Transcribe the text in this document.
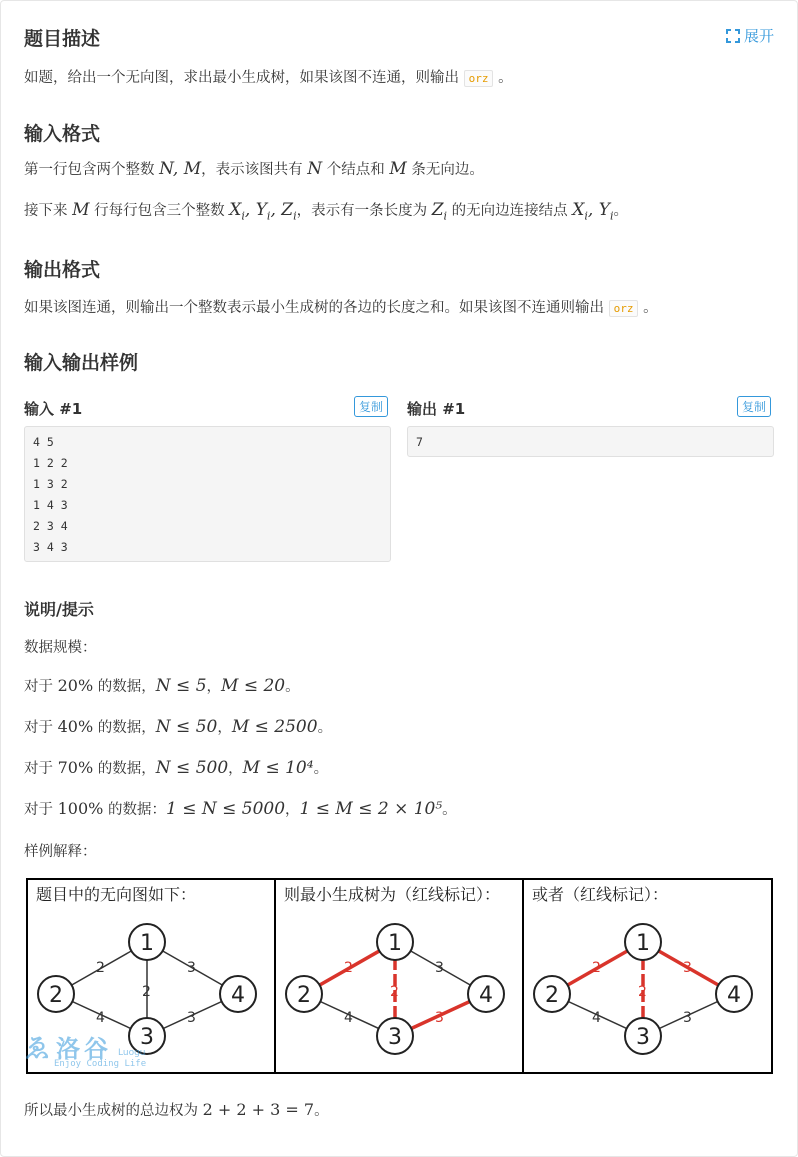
题目描述	展开
如题，给出一个无向图，求出最小生成树，如果该图不连通，则输出 orz 。
输入格式
第一行包含两个整数 N, M，表示该图共有 N 个结点和 M 条无向边。
接下来 M 行每行包含三个整数 $X_i$, $Y_i$, $Z_i$，表示有一条长度为 $Z_i$ 的无向边连接结点 $X_i$, $Y_i$。
输出格式
如果该图连通，则输出一个整数表示最小生成树的各边的长度之和。如果该图不连通则输出 orz 。
输入输出样例
输入 #1	复制
4 5
1 2 2
1 3 2
1 4 3
2 3 4
3 4 3
输出 #1	复制
7
说明/提示
数据规模：
对于 20% 的数据，N ≤ 5，M ≤ 20。
对于 40% 的数据，N ≤ 50，M ≤ 2500。
对于 70% 的数据，N ≤ 500，M ≤ 10⁴。
对于 100% 的数据：1 ≤ N ≤ 5000，1 ≤ M ≤ 2 × 10⁵。
样例解释：
题目中的无向图如下：	则最小生成树为（红线标记）： 或者（红线标记）：
2
2
3
4	3
1
2
3
4
2
2
3
4	3
1
2
3
4
2
2
3
4	3
1
2
3
4
ゑ 洛谷 Luogu
Enjoy Coding Life
所以最小生成树的总边权为 2 + 2 + 3 = 7。
